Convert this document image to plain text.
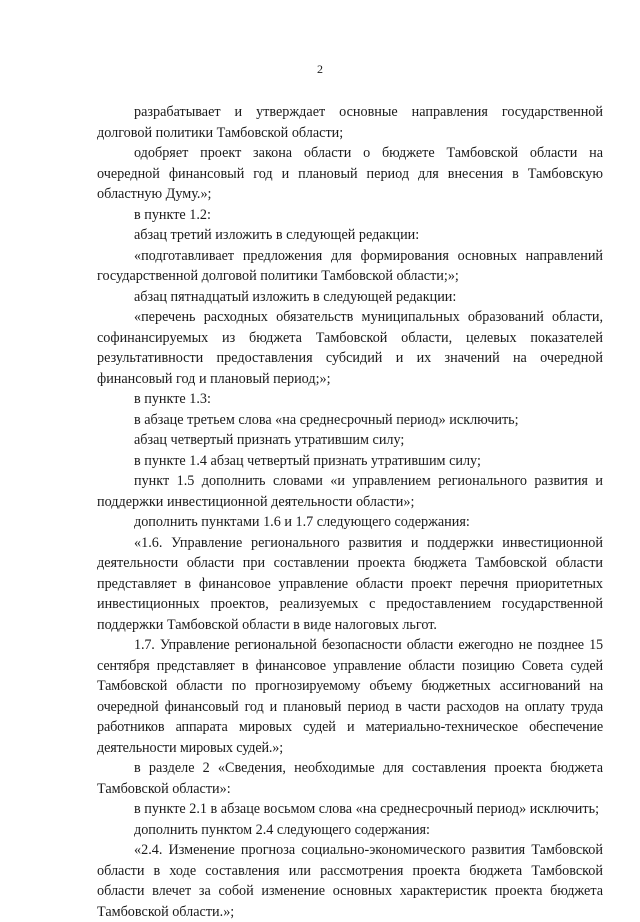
2

разрабатывает и утверждает основные направления государственной долговой политики Тамбовской области;

одобряет проект закона области о бюджете Тамбовской области на очередной финансовый год и плановый период для внесения в Тамбовскую областную Думу.»;

в пункте 1.2:

абзац третий изложить в следующей редакции:

«подготавливает предложения для формирования основных направлений государственной долговой политики Тамбовской области;»;

абзац пятнадцатый изложить в следующей редакции:

«перечень расходных обязательств муниципальных образований области, софинансируемых из бюджета Тамбовской области, целевых показателей результативности предоставления субсидий и их значений на очередной финансовый год и плановый период;»;

в пункте 1.3:

в абзаце третьем слова «на среднесрочный период» исключить;

абзац четвертый признать утратившим силу;

в пункте 1.4 абзац четвертый признать утратившим силу;

пункт 1.5 дополнить словами «и управлением регионального развития и поддержки инвестиционной деятельности области»;

дополнить пунктами 1.6 и 1.7 следующего содержания:

«1.6. Управление регионального развития и поддержки инвестиционной деятельности области при составлении проекта бюджета Тамбовской области представляет в финансовое управление области проект перечня приоритетных инвестиционных проектов, реализуемых с предоставлением государственной поддержки Тамбовской области в виде налоговых льгот.

1.7. Управление региональной безопасности области ежегодно не позднее 15 сентября представляет в финансовое управление области позицию Совета судей Тамбовской области по прогнозируемому объему бюджетных ассигнований на очередной финансовый год и плановый период в части расходов на оплату труда работников аппарата мировых судей и материально-техническое обеспечение деятельности мировых судей.»;

в разделе 2 «Сведения, необходимые для составления проекта бюджета Тамбовской области»:

в пункте 2.1 в абзаце восьмом слова «на среднесрочный период» исключить;

дополнить пунктом 2.4 следующего содержания:

«2.4. Изменение прогноза социально-экономического развития Тамбовской области в ходе составления или рассмотрения проекта бюджета Тамбовской области влечет за собой изменение основных характеристик проекта бюджета Тамбовской области.»;
